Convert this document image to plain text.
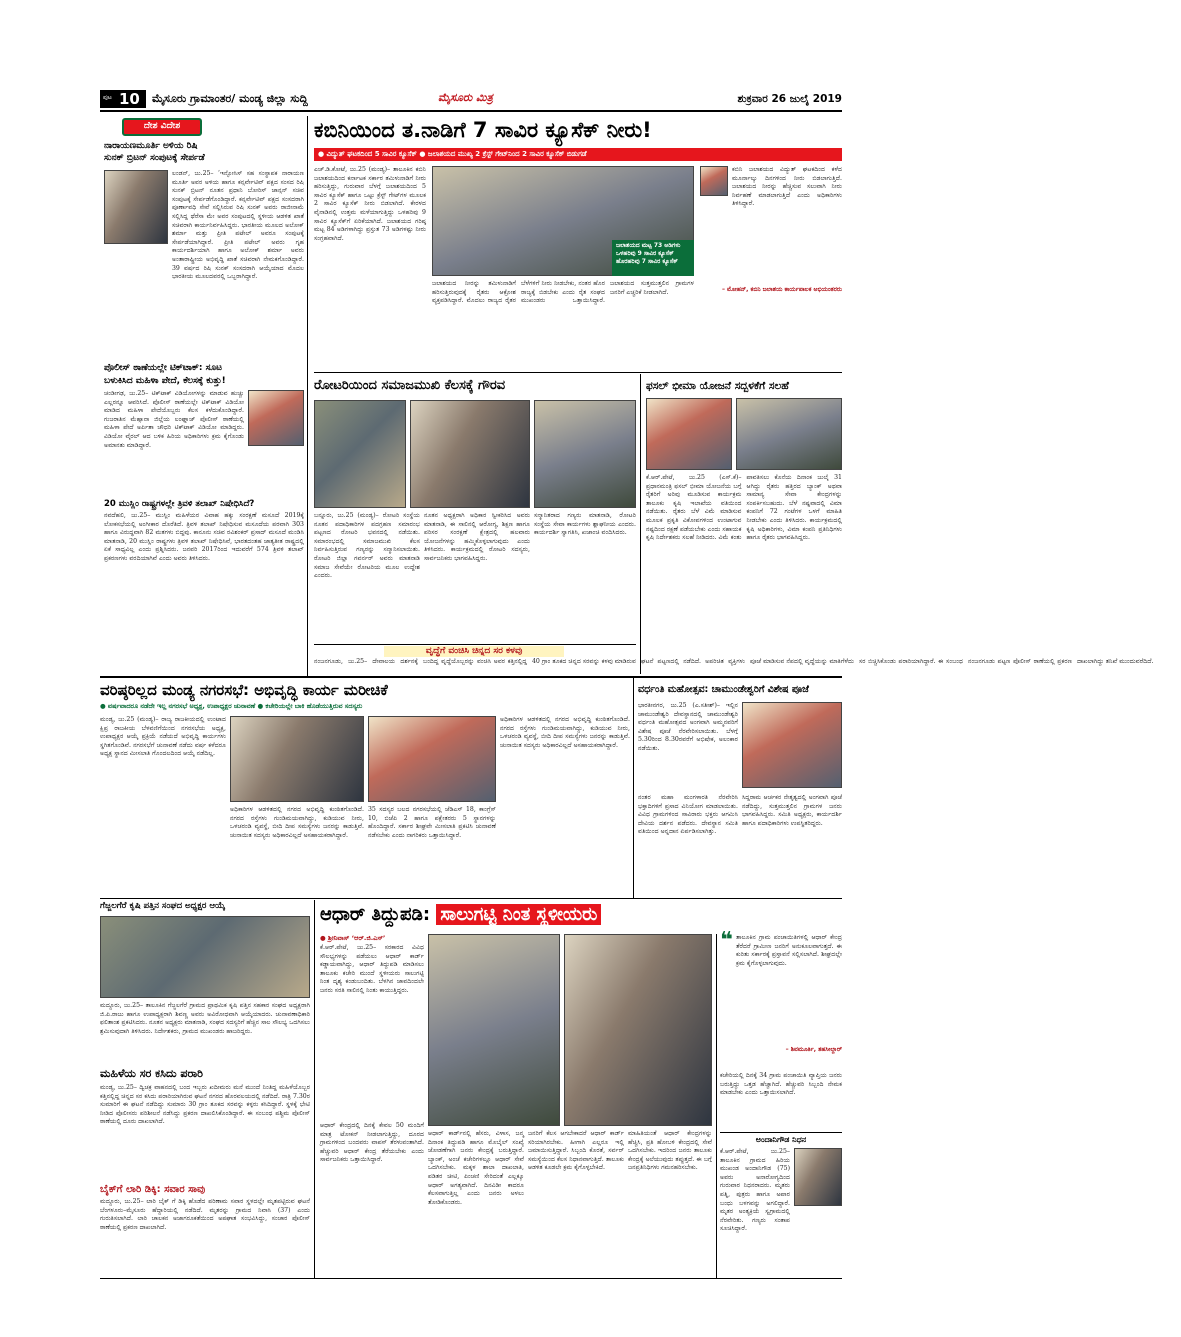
ಪುಟ 10 ಮೈಸೂರು ಗ್ರಾಮಾಂತರ/ ಮಂಡ್ಯ ಜಿಲ್ಲಾ ಸುದ್ದಿ	ಮೈಸೂರು ಮಿತ್ರ	ಶುಕ್ರವಾರ 26 ಜುಲೈ 2019
ದೇಶ ವಿದೇಶ
ನಾರಾಯಣಮೂರ್ತಿ ಅಳಿಯ ರಿಷಿ
ಸುನಕ್ ಬ್ರಿಟನ್ ಸಂಪುಟಕ್ಕೆ ಸೇರ್ಪಡೆ
ಲಂಡನ್, ಜು.25– ‘ಇನ್ಫೋಸಿಸ್ ಸಹ ಸಂಸ್ಥಾಪಕ ನಾರಾಯಣ ಮೂರ್ತಿ ಅವರ ಅಳಿಯ ಹಾಗೂ ಕನ್ಸರ್ವೇಟಿವ್ ಪಕ್ಷದ ಸಂಸದ ರಿಷಿ ಸುನಕ್ ಬ್ರಿಟನ್ ನೂತನ ಪ್ರಧಾನಿ ಬೋರಿಸ್ ಜಾನ್ಸನ್ ಸಚಿವ ಸಂಪುಟಕ್ಕೆ ಸೇರ್ಪಡೆಗೊಂಡಿದ್ದಾರೆ. ಕನ್ಸರ್ವೇಟಿವ್ ಪಕ್ಷದ ಸಂಸದರಾಗಿ ಪೂರ್ಣಾವಧಿ ಸೇವೆ ಸಲ್ಲಿಸಿರುವ ರಿಷಿ ಸುನಕ್ ಅವರು ರಾಜೀನಾಮೆ ಸಲ್ಲಿಸಿದ್ದ ಥೆರೆಸಾ ಮೇ ಅವರ ಸಂಪುಟದಲ್ಲಿ ಸ್ಥಳೀಯ ಆಡಳಿತ ಖಾತೆ ಸಚಿವರಾಗಿ ಕಾರ್ಯನಿರ್ವಹಿಸಿದ್ದರು. ಭಾರತೀಯ ಮೂಲದ ಅಲೋಕ್ ಶರ್ಮಾ ಮತ್ತು ಪ್ರೀತಿ ಪಟೇಲ್ ಅವರೂ ಸಂಪುಟಕ್ಕೆ ಸೇರ್ಪಡೆಯಾಗಿದ್ದಾರೆ. ಪ್ರೀತಿ ಪಟೇಲ್ ಅವರು ಗೃಹ ಕಾರ್ಯದರ್ಶಿಯಾಗಿ ಹಾಗೂ ಅಲೋಕ್ ಶರ್ಮಾ ಅವರು ಅಂತಾರಾಷ್ಟ್ರೀಯ ಅಭಿವೃದ್ಧಿ ಖಾತೆ ಸಚಿವರಾಗಿ ನೇಮಕಗೊಂಡಿದ್ದಾರೆ. 39 ವರ್ಷದ ರಿಷಿ ಸುನಕ್ ಸಂಸದರಾಗಿ ಆಯ್ಕೆಯಾದ ಮೊದಲ ಭಾರತೀಯ ಮೂಲದವರಲ್ಲಿ ಒಬ್ಬರಾಗಿದ್ದಾರೆ.
ಕಬಿನಿಯಿಂದ ತ.ನಾಡಿಗೆ 7 ಸಾವಿರ ಕ್ಯೂಸೆಕ್ ನೀರು!
● ವಿದ್ಯುತ್ ಘಟಕದಿಂದ 5 ಸಾವಿರ ಕ್ಯೂಸೆಕ್ ● ಜಲಾಶಯದ ಮುಖ್ಯ 2 ಕ್ರೆಸ್ಟ್ ಗೇಟ್‌ನಿಂದ 2 ಸಾವಿರ ಕ್ಯೂಸೆಕ್ ಬಿಡುಗಡೆ
ಎಚ್.ಡಿ.ಕೋಟೆ, ಜು.25 (ಮಂಡ್ಯ)– ತಾಲೂಕಿನ ಕಬಿನಿ ಜಲಾಶಯದಿಂದ ಕರ್ನಾಟಕ ಸರ್ಕಾರ ತಮಿಳುನಾಡಿಗೆ ನೀರು ಹರಿಸುತ್ತಿದ್ದು, ಗುರುವಾರ ಬೆಳಗ್ಗೆ ಜಲಾಶಯದಿಂದ 5 ಸಾವಿರ ಕ್ಯೂಸೆಕ್ ಹಾಗೂ ಒಟ್ಟು ಕ್ರೆಸ್ಟ್ ಗೇಟ್‌ಗಳ ಮೂಲಕ 2 ಸಾವಿರ ಕ್ಯೂಸೆಕ್ ನೀರು ಬಿಡಲಾಗಿದೆ. ಕೇರಳದ ವೈನಾಡಿನಲ್ಲಿ ಉತ್ತಮ ಮಳೆಯಾಗುತ್ತಿದ್ದು ಒಳಹರಿವು 9 ಸಾವಿರ ಕ್ಯೂಸೆಕ್‌ಗೆ ಏರಿಕೆಯಾಗಿದೆ. ಜಲಾಶಯದ ಗರಿಷ್ಠ ಮಟ್ಟ 84 ಅಡಿಗಳಾಗಿದ್ದು ಪ್ರಸ್ತುತ 73 ಅಡಿಗಳಷ್ಟು ನೀರು ಸಂಗ್ರಹವಾಗಿದೆ.
ಜಲಾಶಯದ ಮಟ್ಟ 73 ಅಡಿಗಳು
ಒಳಹರಿವು 9 ಸಾವಿರ ಕ್ಯೂಸೆಕ್
ಹೊರಹರಿವು 7 ಸಾವಿರ ಕ್ಯೂಸೆಕ್
ಜಲಾಶಯದ ನೀರನ್ನು ತಮಿಳುನಾಡಿಗೆ ಹರಿಸುತ್ತಿರುವುದಕ್ಕೆ ರೈತರು ಆಕ್ರೋಶ ವ್ಯಕ್ತಪಡಿಸಿದ್ದಾರೆ. ಮೊದಲು ರಾಜ್ಯದ ರೈತರ ಬೆಳೆಗಳಿಗೆ ನೀರು ನೀಡಬೇಕು, ನಂತರ ಹೊರ ರಾಜ್ಯಕ್ಕೆ ಬಿಡಬೇಕು ಎಂದು ರೈತ ಸಂಘದ ಮುಖಂಡರು ಒತ್ತಾಯಿಸಿದ್ದಾರೆ. ಜಲಾಶಯದ ಸುತ್ತಮುತ್ತಲಿನ ಗ್ರಾಮಗಳ ಜನರಿಗೆ ಎಚ್ಚರಿಕೆ ನೀಡಲಾಗಿದೆ.
ಕಬಿನಿ ಜಲಾಶಯದ ವಿದ್ಯುತ್ ಘಟಕದಿಂದ ಕಳೆದ ಮೂರ್ನಾಲ್ಕು ದಿನಗಳಿಂದ ನೀರು ಬಿಡಲಾಗುತ್ತಿದೆ. ಜಲಾಶಯದ ನೀರನ್ನು ಹೆಚ್ಚಿಸುವ ಸಲುವಾಗಿ ನೀರು ನಿರ್ವಹಣೆ ಮಾಡಲಾಗುತ್ತಿದೆ ಎಂದು ಅಧಿಕಾರಿಗಳು ತಿಳಿಸಿದ್ದಾರೆ.
– ಮೋಹನ್, ಕಬಿನಿ ಜಲಾಶಯ ಕಾರ್ಯಪಾಲಕ ಅಭಿಯಂತರರು
ಪೊಲೀಸ್ ಠಾಣೆಯಲ್ಲೇ ಟಿಕ್‌ಟಾಕ್: ಸೂಟ
ಬಳುಕಿಸಿದ ಮಹಿಳಾ ಪೇದೆ, ಕೆಲಸಕ್ಕೆ ಕುತ್ತು!
ಚಂಡೀಗಢ, ಜು.25– ಟಿಕ್‌ಟಾಕ್ ವಿಡಿಯೋಗಳನ್ನು ಮಾಡುವ ಹುಚ್ಚು ಎಲ್ಲರನ್ನೂ ಆವರಿಸಿದೆ. ಪೊಲೀಸ್ ಠಾಣೆಯಲ್ಲೇ ಟಿಕ್‌ಟಾಕ್ ವಿಡಿಯೋ ಮಾಡಿದ ಮಹಿಳಾ ಪೇದೆಯೊಬ್ಬರು ಕೆಲಸ ಕಳೆದುಕೊಂಡಿದ್ದಾರೆ. ಗುಜರಾತಿನ ಮೆಹ್ಸಾನಾ ಜಿಲ್ಲೆಯ ಲಂಘ್ನಾಜ್ ಪೊಲೀಸ್ ಠಾಣೆಯಲ್ಲಿ ಮಹಿಳಾ ಪೇದೆ ಅರ್ಪಿತಾ ಚೌಧರಿ ಟಿಕ್‌ಟಾಕ್ ವಿಡಿಯೋ ಮಾಡಿದ್ದರು. ವಿಡಿಯೋ ವೈರಲ್ ಆದ ಬಳಿಕ ಹಿರಿಯ ಅಧಿಕಾರಿಗಳು ಕ್ರಮ ಕೈಗೊಂಡು ಅಮಾನತು ಮಾಡಿದ್ದಾರೆ.
20 ಮುಸ್ಲಿಂ ರಾಷ್ಟ್ರಗಳಲ್ಲೇ ತ್ರಿವಳಿ ತಲಾಖ್ ನಿಷೇಧಿಸಿದೆ?
ನವದೆಹಲಿ, ಜು.25– ಮುಸ್ಲಿಂ ಮಹಿಳೆಯರ ವಿವಾಹ ಹಕ್ಕು ಸಂರಕ್ಷಣೆ ಮಸೂದೆ 2019ಕ್ಕೆ ಲೋಕಸಭೆಯಲ್ಲಿ ಅಂಗೀಕಾರ ದೊರೆತಿದೆ. ತ್ರಿವಳಿ ತಲಾಖ್ ನಿಷೇಧಿಸುವ ಮಸೂದೆಯ ಪರವಾಗಿ 303 ಹಾಗೂ ವಿರುದ್ಧವಾಗಿ 82 ಮತಗಳು ಬಿದ್ದವು. ಕಾನೂನು ಸಚಿವ ರವಿಶಂಕರ್ ಪ್ರಸಾದ್ ಮಸೂದೆ ಮಂಡಿಸಿ ಮಾತನಾಡಿ, 20 ಮುಸ್ಲಿಂ ರಾಷ್ಟ್ರಗಳು ತ್ರಿವಳಿ ತಲಾಖ್ ನಿಷೇಧಿಸಿವೆ, ಭಾರತದಂತಹ ಜಾತ್ಯತೀತ ರಾಷ್ಟ್ರದಲ್ಲಿ ಏಕೆ ಸಾಧ್ಯವಿಲ್ಲ ಎಂದು ಪ್ರಶ್ನಿಸಿದರು. ಜನವರಿ 2017ರಿಂದ ಇದುವರೆಗೆ 574 ತ್ರಿವಳಿ ತಲಾಖ್ ಪ್ರಕರಣಗಳು ವರದಿಯಾಗಿವೆ ಎಂದು ಅವರು ತಿಳಿಸಿದರು.
ರೋಟರಿಯಿಂದ ಸಮಾಜಮುಖಿ ಕೆಲಸಕ್ಕೆ ಗೌರವ
ಬನ್ನೂರು, ಜು.25 (ಮಂಡ್ಯ)– ರೋಟರಿ ಸಂಸ್ಥೆಯ ನೂತನ ಪದಾಧಿಕಾರಿಗಳ ಪದಗ್ರಹಣ ಸಮಾರಂಭ ಪಟ್ಟಣದ ರೋಟರಿ ಭವನದಲ್ಲಿ ನಡೆಯಿತು. ಸಮಾರಂಭದಲ್ಲಿ ಸಮಾಜಮುಖಿ ಕೆಲಸ ನಿರ್ವಹಿಸುತ್ತಿರುವ ಗಣ್ಯರನ್ನು ಸನ್ಮಾನಿಸಲಾಯಿತು. ರೋಟರಿ ಜಿಲ್ಲಾ ಗವರ್ನರ್ ಅವರು ಮಾತನಾಡಿ ಸಮಾಜ ಸೇವೆಯೇ ರೋಟರಿಯ ಮೂಲ ಉದ್ದೇಶ ಎಂದರು.
ನೂತನ ಅಧ್ಯಕ್ಷರಾಗಿ ಅಧಿಕಾರ ಸ್ವೀಕರಿಸಿದ ಅವರು ಮಾತನಾಡಿ, ಈ ಸಾಲಿನಲ್ಲಿ ಆರೋಗ್ಯ, ಶಿಕ್ಷಣ ಹಾಗೂ ಪರಿಸರ ಸಂರಕ್ಷಣೆ ಕ್ಷೇತ್ರದಲ್ಲಿ ಹಲವಾರು ಯೋಜನೆಗಳನ್ನು ಹಮ್ಮಿಕೊಳ್ಳಲಾಗುವುದು ಎಂದು ತಿಳಿಸಿದರು. ಕಾರ್ಯಕ್ರಮದಲ್ಲಿ ರೋಟರಿ ಸದಸ್ಯರು, ಸಾರ್ವಜನಿಕರು ಭಾಗವಹಿಸಿದ್ದರು.
ಸನ್ಮಾನಿತರಾದ ಗಣ್ಯರು ಮಾತನಾಡಿ, ರೋಟರಿ ಸಂಸ್ಥೆಯ ಸೇವಾ ಕಾರ್ಯಗಳು ಶ್ಲಾಘನೀಯ ಎಂದರು. ಕಾರ್ಯದರ್ಶಿ ಸ್ವಾಗತಿಸಿ, ಖಜಾಂಚಿ ವಂದಿಸಿದರು.
ವೃದ್ಧೆಗೆ ವಂಚಿಸಿ ಚಿನ್ನದ ಸರ ಕಳವು
ನಂಜನಗೂಡು, ಜು.25– ದೇವಾಲಯ ದರ್ಶನಕ್ಕೆ ಬಂದಿದ್ದ ವೃದ್ಧೆಯೊಬ್ಬರನ್ನು ವಂಚಿಸಿ ಅವರ ಕತ್ತಿನಲ್ಲಿದ್ದ 40 ಗ್ರಾಂ ತೂಕದ ಚಿನ್ನದ ಸರವನ್ನು ಕಳವು ಮಾಡಿರುವ ಘಟನೆ ಪಟ್ಟಣದಲ್ಲಿ ನಡೆದಿದೆ. ಅಪರಿಚಿತ ವ್ಯಕ್ತಿಗಳು ಪೂಜೆ ಮಾಡಿಸುವ ನೆಪದಲ್ಲಿ ವೃದ್ಧೆಯನ್ನು ಮಾತಿಗೆಳೆದು ಸರ ಬಿಚ್ಚಿಸಿಕೊಂಡು ಪರಾರಿಯಾಗಿದ್ದಾರೆ. ಈ ಸಂಬಂಧ ನಂಜನಗೂಡು ಪಟ್ಟಣ ಪೊಲೀಸ್ ಠಾಣೆಯಲ್ಲಿ ಪ್ರಕರಣ ದಾಖಲಾಗಿದ್ದು ತನಿಖೆ ಮುಂದುವರೆದಿದೆ.
ಫಸಲ್ ಭೀಮಾ ಯೋಜನೆ ಸದ್ಬಳಕೆಗೆ ಸಲಹೆ
ಕೆ.ಆರ್.ಪೇಟೆ, ಜು.25 (ಎಸ್.ಕೆ)– ಪ್ರಧಾನಮಂತ್ರಿ ಫಸಲ್ ಭೀಮಾ ಯೋಜನೆಯ ಬಗ್ಗೆ ರೈತರಿಗೆ ಅರಿವು ಮೂಡಿಸುವ ಕಾರ್ಯಕ್ರಮ ತಾಲೂಕು ಕೃಷಿ ಇಲಾಖೆಯ ವತಿಯಿಂದ ನಡೆಯಿತು. ರೈತರು ಬೆಳೆ ವಿಮೆ ಮಾಡಿಸುವ ಮೂಲಕ ಪ್ರಕೃತಿ ವಿಕೋಪಗಳಿಂದ ಉಂಟಾಗುವ ನಷ್ಟದಿಂದ ರಕ್ಷಣೆ ಪಡೆಯಬೇಕು ಎಂದು ಸಹಾಯಕ ಕೃಷಿ ನಿರ್ದೇಶಕರು ಸಲಹೆ ನೀಡಿದರು. ವಿಮೆ ಕಂತು ಪಾವತಿಸಲು ಕೊನೆಯ ದಿನಾಂಕ ಜುಲೈ 31 ಆಗಿದ್ದು ರೈತರು ಹತ್ತಿರದ ಬ್ಯಾಂಕ್ ಅಥವಾ ಸಾಮಾನ್ಯ ಸೇವಾ ಕೇಂದ್ರಗಳನ್ನು ಸಂಪರ್ಕಿಸಬಹುದು. ಬೆಳೆ ನಷ್ಟವಾದಲ್ಲಿ ವಿಮಾ ಕಂಪನಿಗೆ 72 ಗಂಟೆಗಳ ಒಳಗೆ ಮಾಹಿತಿ ನೀಡಬೇಕು ಎಂದು ತಿಳಿಸಿದರು. ಕಾರ್ಯಕ್ರಮದಲ್ಲಿ ಕೃಷಿ ಅಧಿಕಾರಿಗಳು, ವಿಮಾ ಕಂಪನಿ ಪ್ರತಿನಿಧಿಗಳು ಹಾಗೂ ರೈತರು ಭಾಗವಹಿಸಿದ್ದರು.
ವರಿಷ್ಠರಿಲ್ಲದ ಮಂಡ್ಯ ನಗರಸಭೆ: ಅಭಿವೃದ್ಧಿ ಕಾರ್ಯ ಮರೀಚಿಕೆ
● ವರ್ಷವಾದರೂ ನಡೆದೇ ಇಲ್ಲ ನಗರಸಭೆ ಅಧ್ಯಕ್ಷ, ಉಪಾಧ್ಯಕ್ಷರ ಚುನಾವಣೆ ● ಕಚೇರಿಯಲ್ಲೇ ಬಾಕಿ ಹೊಡೆಯುತ್ತಿರುವ ಸದಸ್ಯರು
ಮಂಡ್ಯ, ಜು.25 (ಮಂಡ್ಯ)– ರಾಜ್ಯ ರಾಜಕೀಯದಲ್ಲಿ ಉಂಟಾದ ಕ್ಷಿಪ್ರ ರಾಜಕೀಯ ಬೆಳವಣಿಗೆಯಿಂದ ನಗರಸಭೆಯ ಅಧ್ಯಕ್ಷ, ಉಪಾಧ್ಯಕ್ಷರ ಆಯ್ಕೆ ಪ್ರಕ್ರಿಯೆ ನಡೆಯದೆ ಅಭಿವೃದ್ಧಿ ಕಾರ್ಯಗಳು ಸ್ಥಗಿತಗೊಂಡಿವೆ. ನಗರಸಭೆಗೆ ಚುನಾವಣೆ ನಡೆದು ವರ್ಷ ಕಳೆದರೂ ಅಧ್ಯಕ್ಷ ಸ್ಥಾನದ ಮೀಸಲಾತಿ ಗೊಂದಲದಿಂದ ಆಯ್ಕೆ ನಡೆದಿಲ್ಲ.
ಅಧಿಕಾರಿಗಳ ಆಡಳಿತದಲ್ಲಿ ನಗರದ ಅಭಿವೃದ್ಧಿ ಕುಂಠಿತಗೊಂಡಿದೆ. ನಗರದ ರಸ್ತೆಗಳು ಗುಂಡಿಮಯವಾಗಿದ್ದು, ಕುಡಿಯುವ ನೀರು, ಒಳಚರಂಡಿ ವ್ಯವಸ್ಥೆ, ಬೀದಿ ದೀಪ ಸಮಸ್ಯೆಗಳು ಜನರನ್ನು ಕಾಡುತ್ತಿವೆ. ಚುನಾಯಿತ ಸದಸ್ಯರು ಅಧಿಕಾರವಿಲ್ಲದೆ ಅಸಹಾಯಕರಾಗಿದ್ದಾರೆ.
35 ಸದಸ್ಯರ ಬಲದ ನಗರಸಭೆಯಲ್ಲಿ ಜೆಡಿಎಸ್ 18, ಕಾಂಗ್ರೆಸ್ 10, ಬಿಜೆಪಿ 2 ಹಾಗೂ ಪಕ್ಷೇತರರು 5 ಸ್ಥಾನಗಳನ್ನು ಹೊಂದಿದ್ದಾರೆ. ಸರ್ಕಾರ ಶೀಘ್ರವೇ ಮೀಸಲಾತಿ ಪ್ರಕಟಿಸಿ ಚುನಾವಣೆ ನಡೆಸಬೇಕು ಎಂದು ನಾಗರಿಕರು ಒತ್ತಾಯಿಸಿದ್ದಾರೆ.
ಅಧಿಕಾರಿಗಳ ಆಡಳಿತದಲ್ಲಿ ನಗರದ ಅಭಿವೃದ್ಧಿ ಕುಂಠಿತಗೊಂಡಿದೆ. ನಗರದ ರಸ್ತೆಗಳು ಗುಂಡಿಮಯವಾಗಿದ್ದು, ಕುಡಿಯುವ ನೀರು, ಒಳಚರಂಡಿ ವ್ಯವಸ್ಥೆ, ಬೀದಿ ದೀಪ ಸಮಸ್ಯೆಗಳು ಜನರನ್ನು ಕಾಡುತ್ತಿವೆ. ಚುನಾಯಿತ ಸದಸ್ಯರು ಅಧಿಕಾರವಿಲ್ಲದೆ ಅಸಹಾಯಕರಾಗಿದ್ದಾರೆ.
ವರ್ಧಂತಿ ಮಹೋತ್ಸವ: ಚಾಮುಂಡೇಶ್ವರಿಗೆ ವಿಶೇಷ ಪೂಜೆ
ಭಾರತೀನಗರ, ಜು.25 (ಎ.ಸತೀಶ್)– ಇಲ್ಲಿನ ಚಾಮುಂಡೇಶ್ವರಿ ದೇವಸ್ಥಾನದಲ್ಲಿ ಚಾಮುಂಡೇಶ್ವರಿ ವರ್ಧಂತಿ ಮಹೋತ್ಸವದ ಅಂಗವಾಗಿ ಅಮ್ಮನವರಿಗೆ ವಿಶೇಷ ಪೂಜೆ ನೆರವೇರಿಸಲಾಯಿತು. ಬೆಳಗ್ಗೆ 5.30ರಿಂದ 8.30ರವರೆಗೆ ಅಭಿಷೇಕ, ಅಲಂಕಾರ ನಡೆಯಿತು.
ನಂತರ ಮಹಾ ಮಂಗಳಾರತಿ ನೆರವೇರಿಸಿ ಭಕ್ತಾದಿಗಳಿಗೆ ಪ್ರಸಾದ ವಿನಿಯೋಗ ಮಾಡಲಾಯಿತು. ವಿವಿಧ ಗ್ರಾಮಗಳಿಂದ ಸಾವಿರಾರು ಭಕ್ತರು ಆಗಮಿಸಿ ದೇವಿಯ ದರ್ಶನ ಪಡೆದರು. ದೇವಸ್ಥಾನ ಸಮಿತಿ ವತಿಯಿಂದ ಅನ್ನದಾನ ಏರ್ಪಡಿಸಲಾಗಿತ್ತು.
ಸಿದ್ದರಾಮ ಆರ್ಚಕರ ನೇತೃತ್ವದಲ್ಲಿ ಅಂಗವಾಗಿ ಪೂಜೆ ನಡೆದಿದ್ದು, ಸುತ್ತಮುತ್ತಲಿನ ಗ್ರಾಮಗಳ ಜನರು ಭಾಗವಹಿಸಿದ್ದರು. ಸಮಿತಿ ಅಧ್ಯಕ್ಷರು, ಕಾರ್ಯದರ್ಶಿ ಹಾಗೂ ಪದಾಧಿಕಾರಿಗಳು ಉಪಸ್ಥಿತರಿದ್ದರು.
ಗೆಜ್ಜಲಗೆರೆ ಕೃಷಿ ಪತ್ತಿನ ಸಂಘದ ಅಧ್ಯಕ್ಷರ ಆಯ್ಕೆ
ಮದ್ದೂರು, ಜು.25– ತಾಲೂಕಿನ ಗೆಜ್ಜಲಗೆರೆ ಗ್ರಾಮದ ಪ್ರಾಥಮಿಕ ಕೃಷಿ ಪತ್ತಿನ ಸಹಕಾರ ಸಂಘದ ಅಧ್ಯಕ್ಷರಾಗಿ ಜಿ.ಪಿ.ರಾಜು ಹಾಗೂ ಉಪಾಧ್ಯಕ್ಷರಾಗಿ ಶಿವಣ್ಣ ಅವರು ಅವಿರೋಧವಾಗಿ ಆಯ್ಕೆಯಾದರು. ಚುನಾವಣಾಧಿಕಾರಿ ಫಲಿತಾಂಶ ಪ್ರಕಟಿಸಿದರು. ನೂತನ ಅಧ್ಯಕ್ಷರು ಮಾತನಾಡಿ, ಸಂಘದ ಸದಸ್ಯರಿಗೆ ಹೆಚ್ಚಿನ ಸಾಲ ಸೌಲಭ್ಯ ಒದಗಿಸಲು ಶ್ರಮಿಸುವುದಾಗಿ ತಿಳಿಸಿದರು. ನಿರ್ದೇಶಕರು, ಗ್ರಾಮದ ಮುಖಂಡರು ಹಾಜರಿದ್ದರು.
ಮಹಿಳೆಯ ಸರ ಕಸಿದು ಪರಾರಿ
ಮಂಡ್ಯ, ಜು.25– ದ್ವಿಚಕ್ರ ವಾಹನದಲ್ಲಿ ಬಂದ ಇಬ್ಬರು ಖದೀಮರು ಮನೆ ಮುಂದೆ ನಿಂತಿದ್ದ ಮಹಿಳೆಯೊಬ್ಬರ ಕತ್ತಿನಲ್ಲಿದ್ದ ಚಿನ್ನದ ಸರ ಕಸಿದು ಪರಾರಿಯಾಗಿರುವ ಘಟನೆ ನಗರದ ಹೊರವಲಯದಲ್ಲಿ ನಡೆದಿದೆ. ರಾತ್ರಿ 7.30ರ ಸುಮಾರಿಗೆ ಈ ಘಟನೆ ನಡೆದಿದ್ದು ಸುಮಾರು 30 ಗ್ರಾಂ ತೂಕದ ಸರವನ್ನು ಕಳ್ಳರು ಕಸಿದಿದ್ದಾರೆ. ಸ್ಥಳಕ್ಕೆ ಭೇಟಿ ನೀಡಿದ ಪೊಲೀಸರು ಪರಿಶೀಲನೆ ನಡೆಸಿದ್ದು ಪ್ರಕರಣ ದಾಖಲಿಸಿಕೊಂಡಿದ್ದಾರೆ. ಈ ಸಂಬಂಧ ಪಶ್ಚಿಮ ಪೊಲೀಸ್ ಠಾಣೆಯಲ್ಲಿ ದೂರು ದಾಖಲಾಗಿದೆ.
ಬೈಕ್‌ಗೆ ಲಾರಿ ಡಿಕ್ಕಿ: ಸವಾರ ಸಾವು
ಮದ್ದೂರು, ಜು.25– ಲಾರಿ ಬೈಕ್ ಗೆ ಡಿಕ್ಕಿ ಹೊಡೆದ ಪರಿಣಾಮ ಸವಾರ ಸ್ಥಳದಲ್ಲೇ ಮೃತಪಟ್ಟಿರುವ ಘಟನೆ ಬೆಂಗಳೂರು–ಮೈಸೂರು ಹೆದ್ದಾರಿಯಲ್ಲಿ ನಡೆದಿದೆ. ಮೃತರನ್ನು ಗ್ರಾಮದ ನಿವಾಸಿ (37) ಎಂದು ಗುರುತಿಸಲಾಗಿದೆ. ಲಾರಿ ಚಾಲಕನ ಅಜಾಗರೂಕತೆಯಿಂದ ಅಪಘಾತ ಸಂಭವಿಸಿದ್ದು, ಸಂಚಾರ ಪೊಲೀಸ್ ಠಾಣೆಯಲ್ಲಿ ಪ್ರಕರಣ ದಾಖಲಾಗಿದೆ.
ಆಧಾರ್ ತಿದ್ದುಪಡಿ: ಸಾಲುಗಟ್ಟಿ ನಿಂತ ಸ್ಥಳೀಯರು
● ಶ್ರೀನಿವಾಸ್ ‘ಆರ್.ಜಿ.ಎಸ್’
ಕೆ.ಆರ್.ಪೇಟೆ, ಜು.25– ಸರಕಾರದ ವಿವಿಧ ಸೌಲಭ್ಯಗಳನ್ನು ಪಡೆಯಲು ಆಧಾರ್ ಕಾರ್ಡ್ ಕಡ್ಡಾಯವಾಗಿದ್ದು, ಆಧಾರ್ ತಿದ್ದುಪಡಿ ಮಾಡಿಸಲು ತಾಲೂಕು ಕಚೇರಿ ಮುಂದೆ ಸ್ಥಳೀಯರು ಸಾಲುಗಟ್ಟಿ ನಿಂತ ದೃಶ್ಯ ಕಂಡುಬಂದಿತು. ಬೆಳಗಿನ ಜಾವದಿಂದಲೇ ಜನರು ಸರತಿ ಸಾಲಿನಲ್ಲಿ ನಿಂತು ಕಾಯುತ್ತಿದ್ದರು.
ಆಧಾರ್ ಕೇಂದ್ರದಲ್ಲಿ ದಿನಕ್ಕೆ ಕೇವಲ 50 ಮಂದಿಗೆ ಮಾತ್ರ ಟೋಕನ್ ನೀಡಲಾಗುತ್ತಿದ್ದು, ದೂರದ ಗ್ರಾಮಗಳಿಂದ ಬಂದವರು ವಾಪಸ್ ತೆರಳುವಂತಾಗಿದೆ. ಹೆಚ್ಚುವರಿ ಆಧಾರ್ ಕೇಂದ್ರ ತೆರೆಯಬೇಕು ಎಂದು ಸಾರ್ವಜನಿಕರು ಒತ್ತಾಯಿಸಿದ್ದಾರೆ.
ಆಧಾರ್ ಕಾರ್ಡ್‌ನಲ್ಲಿ ಹೆಸರು, ವಿಳಾಸ, ಜನ್ಮ ದಿನಾಂಕ ತಿದ್ದುಪಡಿ ಹಾಗೂ ಮೊಬೈಲ್ ಸಂಖ್ಯೆ ಜೋಡಣೆಗಾಗಿ ಜನರು ಕೇಂದ್ರಕ್ಕೆ ಬರುತ್ತಿದ್ದಾರೆ. ಬ್ಯಾಂಕ್, ಅಂಚೆ ಕಚೇರಿಗಳಲ್ಲೂ ಆಧಾರ್ ಸೇವೆ ಒದಗಿಸಬೇಕು. ಮಕ್ಕಳ ಶಾಲಾ ದಾಖಲಾತಿ, ಪಡಿತರ ಚೀಟಿ, ಪಿಂಚಣಿ ಸೇರಿದಂತೆ ಎಲ್ಲಕ್ಕೂ ಆಧಾರ್ ಅಗತ್ಯವಾಗಿದೆ. ದಿನವಿಡೀ ಕಾದರೂ ಕೆಲಸವಾಗುತ್ತಿಲ್ಲ ಎಂದು ಜನರು ಅಳಲು ತೋಡಿಕೊಂಡರು.
ಜನರಿಗೆ ಕೆಲಸ ಆಗಬೇಕಾದರೆ ಆಧಾರ್ ಕಾರ್ಡ್ ಸರಿಯಾಗಿರಬೇಕು. ಹೀಗಾಗಿ ಎಲ್ಲರೂ ಇಲ್ಲಿ ಜಮಾಯಿಸುತ್ತಿದ್ದಾರೆ. ಸಿಬ್ಬಂದಿ ಕೊರತೆ, ಸರ್ವರ್ ಸಮಸ್ಯೆಯಿಂದ ಕೆಲಸ ನಿಧಾನವಾಗುತ್ತಿದೆ. ತಾಲೂಕು ಆಡಳಿತ ಕೂಡಲೇ ಕ್ರಮ ಕೈಗೊಳ್ಳಬೇಕಿದೆ.
ಮಾಹಿತಿಯಂತೆ ಆಧಾರ್ ಕೇಂದ್ರಗಳನ್ನು ಹೆಚ್ಚಿಸಿ, ಪ್ರತಿ ಹೋಬಳಿ ಕೇಂದ್ರದಲ್ಲಿ ಸೇವೆ ಒದಗಿಸಬೇಕು. ಇದರಿಂದ ಜನರು ತಾಲೂಕು ಕೇಂದ್ರಕ್ಕೆ ಅಲೆಯುವುದು ತಪ್ಪುತ್ತದೆ. ಈ ಬಗ್ಗೆ ಜನಪ್ರತಿನಿಧಿಗಳು ಗಮನಹರಿಸಬೇಕು.
❝ ತಾಲೂಕಿನ ಗ್ರಾಮ ಪಂಚಾಯಿತಿಗಳಲ್ಲಿ ಆಧಾರ್ ಕೇಂದ್ರ ತೆರೆದರೆ ಗ್ರಾಮೀಣ ಜನರಿಗೆ ಅನುಕೂಲವಾಗುತ್ತದೆ. ಈ ಕುರಿತು ಸರ್ಕಾರಕ್ಕೆ ಪ್ರಸ್ತಾವನೆ ಸಲ್ಲಿಸಲಾಗಿದೆ. ಶೀಘ್ರದಲ್ಲೇ ಕ್ರಮ ಕೈಗೊಳ್ಳಲಾಗುವುದು.
– ಶಿವಮೂರ್ತಿ, ತಹಸೀಲ್ದಾರ್
ಕಚೇರಿಯಲ್ಲಿ ದಿನಕ್ಕೆ 34 ಗ್ರಾಮ ಪಂಚಾಯಿತಿ ವ್ಯಾಪ್ತಿಯ ಜನರು ಬರುತ್ತಿದ್ದು ಒತ್ತಡ ಹೆಚ್ಚಾಗಿದೆ. ಹೆಚ್ಚುವರಿ ಸಿಬ್ಬಂದಿ ನೇಮಕ ಮಾಡಬೇಕು ಎಂದು ಒತ್ತಾಯಿಸಲಾಗಿದೆ.
ಅಂದಾನಿಗೌಡ ನಿಧನ
ಕೆ.ಆರ್.ಪೇಟೆ, ಜು.25– ತಾಲೂಕಿನ ಗ್ರಾಮದ ಹಿರಿಯ ಮುಖಂಡ ಅಂದಾನಿಗೌಡ (75) ಅವರು ಅನಾರೋಗ್ಯದಿಂದ ಗುರುವಾರ ನಿಧನರಾದರು. ಮೃತರು ಪತ್ನಿ, ಪುತ್ರರು ಹಾಗೂ ಅಪಾರ ಬಂಧು ಬಳಗವನ್ನು ಅಗಲಿದ್ದಾರೆ. ಮೃತರ ಅಂತ್ಯಕ್ರಿಯೆ ಸ್ವಗ್ರಾಮದಲ್ಲಿ ನೆರವೇರಿತು. ಗಣ್ಯರು ಸಂತಾಪ ಸೂಚಿಸಿದ್ದಾರೆ.
